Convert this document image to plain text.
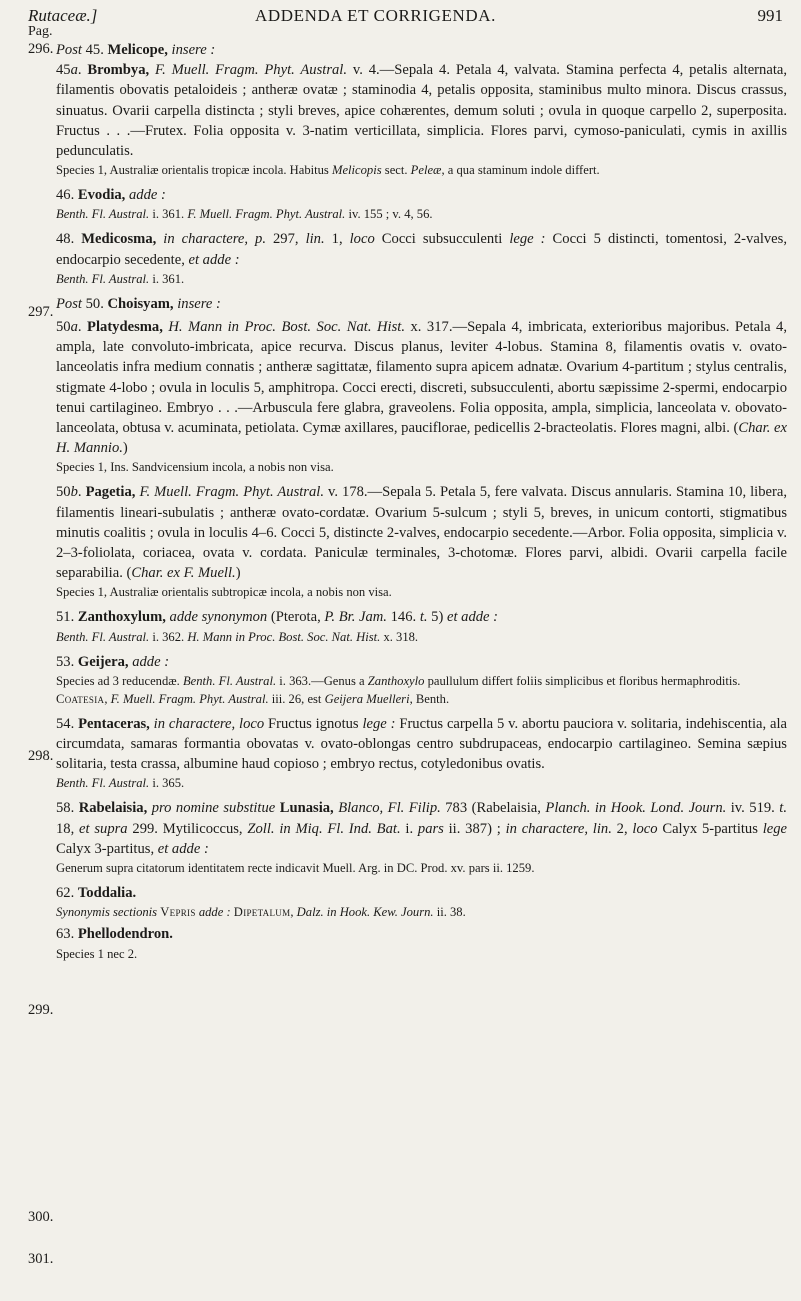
Rutaceæ.]	ADDENDA ET CORRIGENDA.	991
Pag.
296.
297.
298.
299.
300.
301.

Post 45. Melicope, insere :

45a. Brombya, F. Muell. Fragm. Phyt. Austral. v. 4.—Sepala 4. Petala 4, valvata. Stamina perfecta 4, petalis alternata, filamentis obovatis petaloideis ; antheræ ovatæ ; staminodia 4, petalis opposita, staminibus multo minora. Discus crassus, sinuatus. Ovarii carpella distincta ; styli breves, apice cohærentes, demum soluti ; ovula in quoque carpello 2, superposita. Fructus . . .—Frutex. Folia opposita v. 3-natim verticillata, simplicia. Flores parvi, cymoso-paniculati, cymis in axillis pedunculatis.

Species 1, Australiæ orientalis tropicæ incola. Habitus Melicopis sect. Peleæ, a qua staminum indole differt.

46. Evodia, adde :

Benth. Fl. Austral. i. 361. F. Muell. Fragm. Phyt. Austral. iv. 155 ; v. 4, 56.

48. Medicosma, in charactere, p. 297, lin. 1, loco Cocci subsucculenti lege : Cocci 5 distincti, tomentosi, 2-valves, endocarpio secedente, et adde :

Benth. Fl. Austral. i. 361.

Post 50. Choisyam, insere :

50a. Platydesma, H. Mann in Proc. Bost. Soc. Nat. Hist. x. 317.—Sepala 4, imbricata, exterioribus majoribus. Petala 4, ampla, late convoluto-imbricata, apice recurva. Discus planus, leviter 4-lobus. Stamina 8, filamentis ovatis v. ovato-lanceolatis infra medium connatis ; antheræ sagittatæ, filamento supra apicem adnatæ. Ovarium 4-partitum ; stylus centralis, stigmate 4-lobo ; ovula in loculis 5, amphitropa. Cocci erecti, discreti, subsucculenti, abortu sæpissime 2-spermi, endocarpio tenui cartilagineo. Embryo . . .—Arbuscula fere glabra, graveolens. Folia opposita, ampla, simplicia, lanceolata v. obovato-lanceolata, obtusa v. acuminata, petiolata. Cymæ axillares, pauciflorae, pedicellis 2-bracteolatis. Flores magni, albi. (Char. ex H. Mannio.)

Species 1, Ins. Sandvicensium incola, a nobis non visa.

50b. Pagetia, F. Muell. Fragm. Phyt. Austral. v. 178.—Sepala 5. Petala 5, fere valvata. Discus annularis. Stamina 10, libera, filamentis lineari-subulatis ; antheræ ovato-cordatæ. Ovarium 5-sulcum ; styli 5, breves, in unicum contorti, stigmatibus minutis coalitis ; ovula in loculis 4–6. Cocci 5, distincte 2-valves, endocarpio secedente.—Arbor. Folia opposita, simplicia v. 2–3-foliolata, coriacea, ovata v. cordata. Paniculæ terminales, 3-chotomæ. Flores parvi, albidi. Ovarii carpella facile separabilia. (Char. ex F. Muell.)

Species 1, Australiæ orientalis subtropicæ incola, a nobis non visa.

51. Zanthoxylum, adde synonymon (Pterota, P. Br. Jam. 146. t. 5) et adde :

Benth. Fl. Austral. i. 362. H. Mann in Proc. Bost. Soc. Nat. Hist. x. 318.

53. Geijera, adde :

Species ad 3 reducendæ. Benth. Fl. Austral. i. 363.—Genus a Zanthoxylo paullulum differt foliis simplicibus et floribus hermaphroditis.

Coatesia, F. Muell. Fragm. Phyt. Austral. iii. 26, est Geijera Muelleri, Benth.

54. Pentaceras, in charactere, loco Fructus ignotus lege : Fructus carpella 5 v. abortu pauciora v. solitaria, indehiscentia, ala circumdata, samaras formantia obovatas v. ovato-oblongas centro subdrupaceas, endocarpio cartilagineo. Semina sæpius solitaria, testa crassa, albumine haud copioso ; embryo rectus, cotyledonibus ovatis.

Benth. Fl. Austral. i. 365.

58. Rabelaisia, pro nomine substitue Lunasia, Blanco, Fl. Filip. 783 (Rabelaisia, Planch. in Hook. Lond. Journ. iv. 519. t. 18, et supra 299. Mytilicoccus, Zoll. in Miq. Fl. Ind. Bat. i. pars ii. 387) ; in charactere, lin. 2, loco Calyx 5-partitus lege Calyx 3-partitus, et adde :

Generum supra citatorum identitatem recte indicavit Muell. Arg. in DC. Prod. xv. pars ii. 1259.

62. Toddalia.

Synonymis sectionis Vepris adde : Dipetalum, Dalz. in Hook. Kew. Journ. ii. 38.

63. Phellodendron.

Species 1 nec 2.
